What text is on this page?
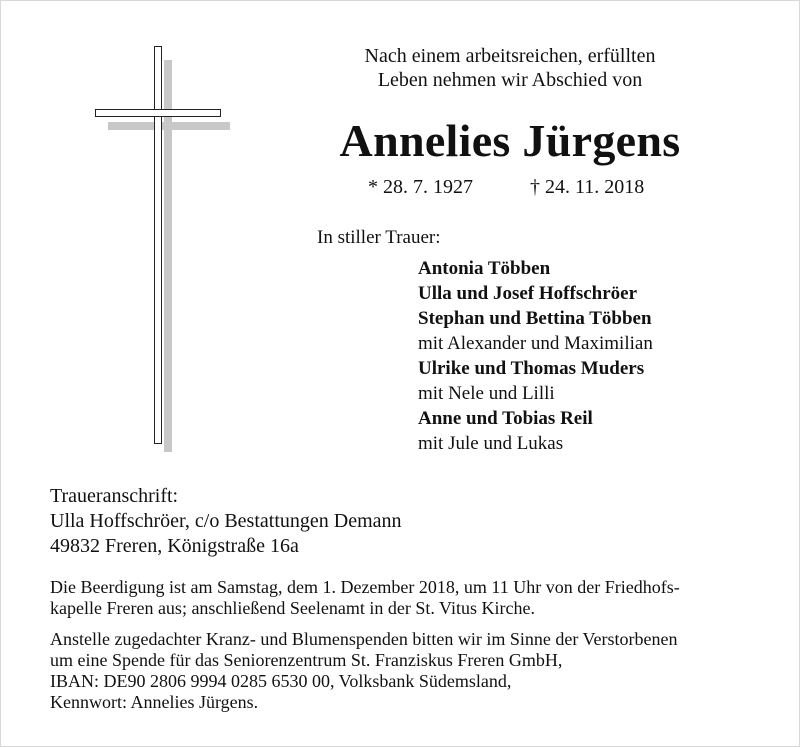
Nach einem arbeitsreichen, erfüllten
Leben nehmen wir Abschied von
Annelies Jürgens
* 28. 7. 1927	† 24. 11. 2018
In stiller Trauer:
Antonia Többen
Ulla und Josef Hoffschröer
Stephan und Bettina Többen
mit Alexander und Maximilian
Ulrike und Thomas Muders
mit Nele und Lilli
Anne und Tobias Reil
mit Jule und Lukas
Traueranschrift:
Ulla Hoffschröer, c/o Bestattungen Demann
49832 Freren, Königstraße 16a
Die Beerdigung ist am Samstag, dem 1. Dezember 2018, um 11 Uhr von der Friedhofs-
kapelle Freren aus; anschließend Seelenamt in der St. Vitus Kirche.
Anstelle zugedachter Kranz- und Blumenspenden bitten wir im Sinne der Verstorbenen
um eine Spende für das Seniorenzentrum St. Franziskus Freren GmbH,
IBAN: DE90 2806 9994 0285 6530 00, Volksbank Südemsland,
Kennwort: Annelies Jürgens.
